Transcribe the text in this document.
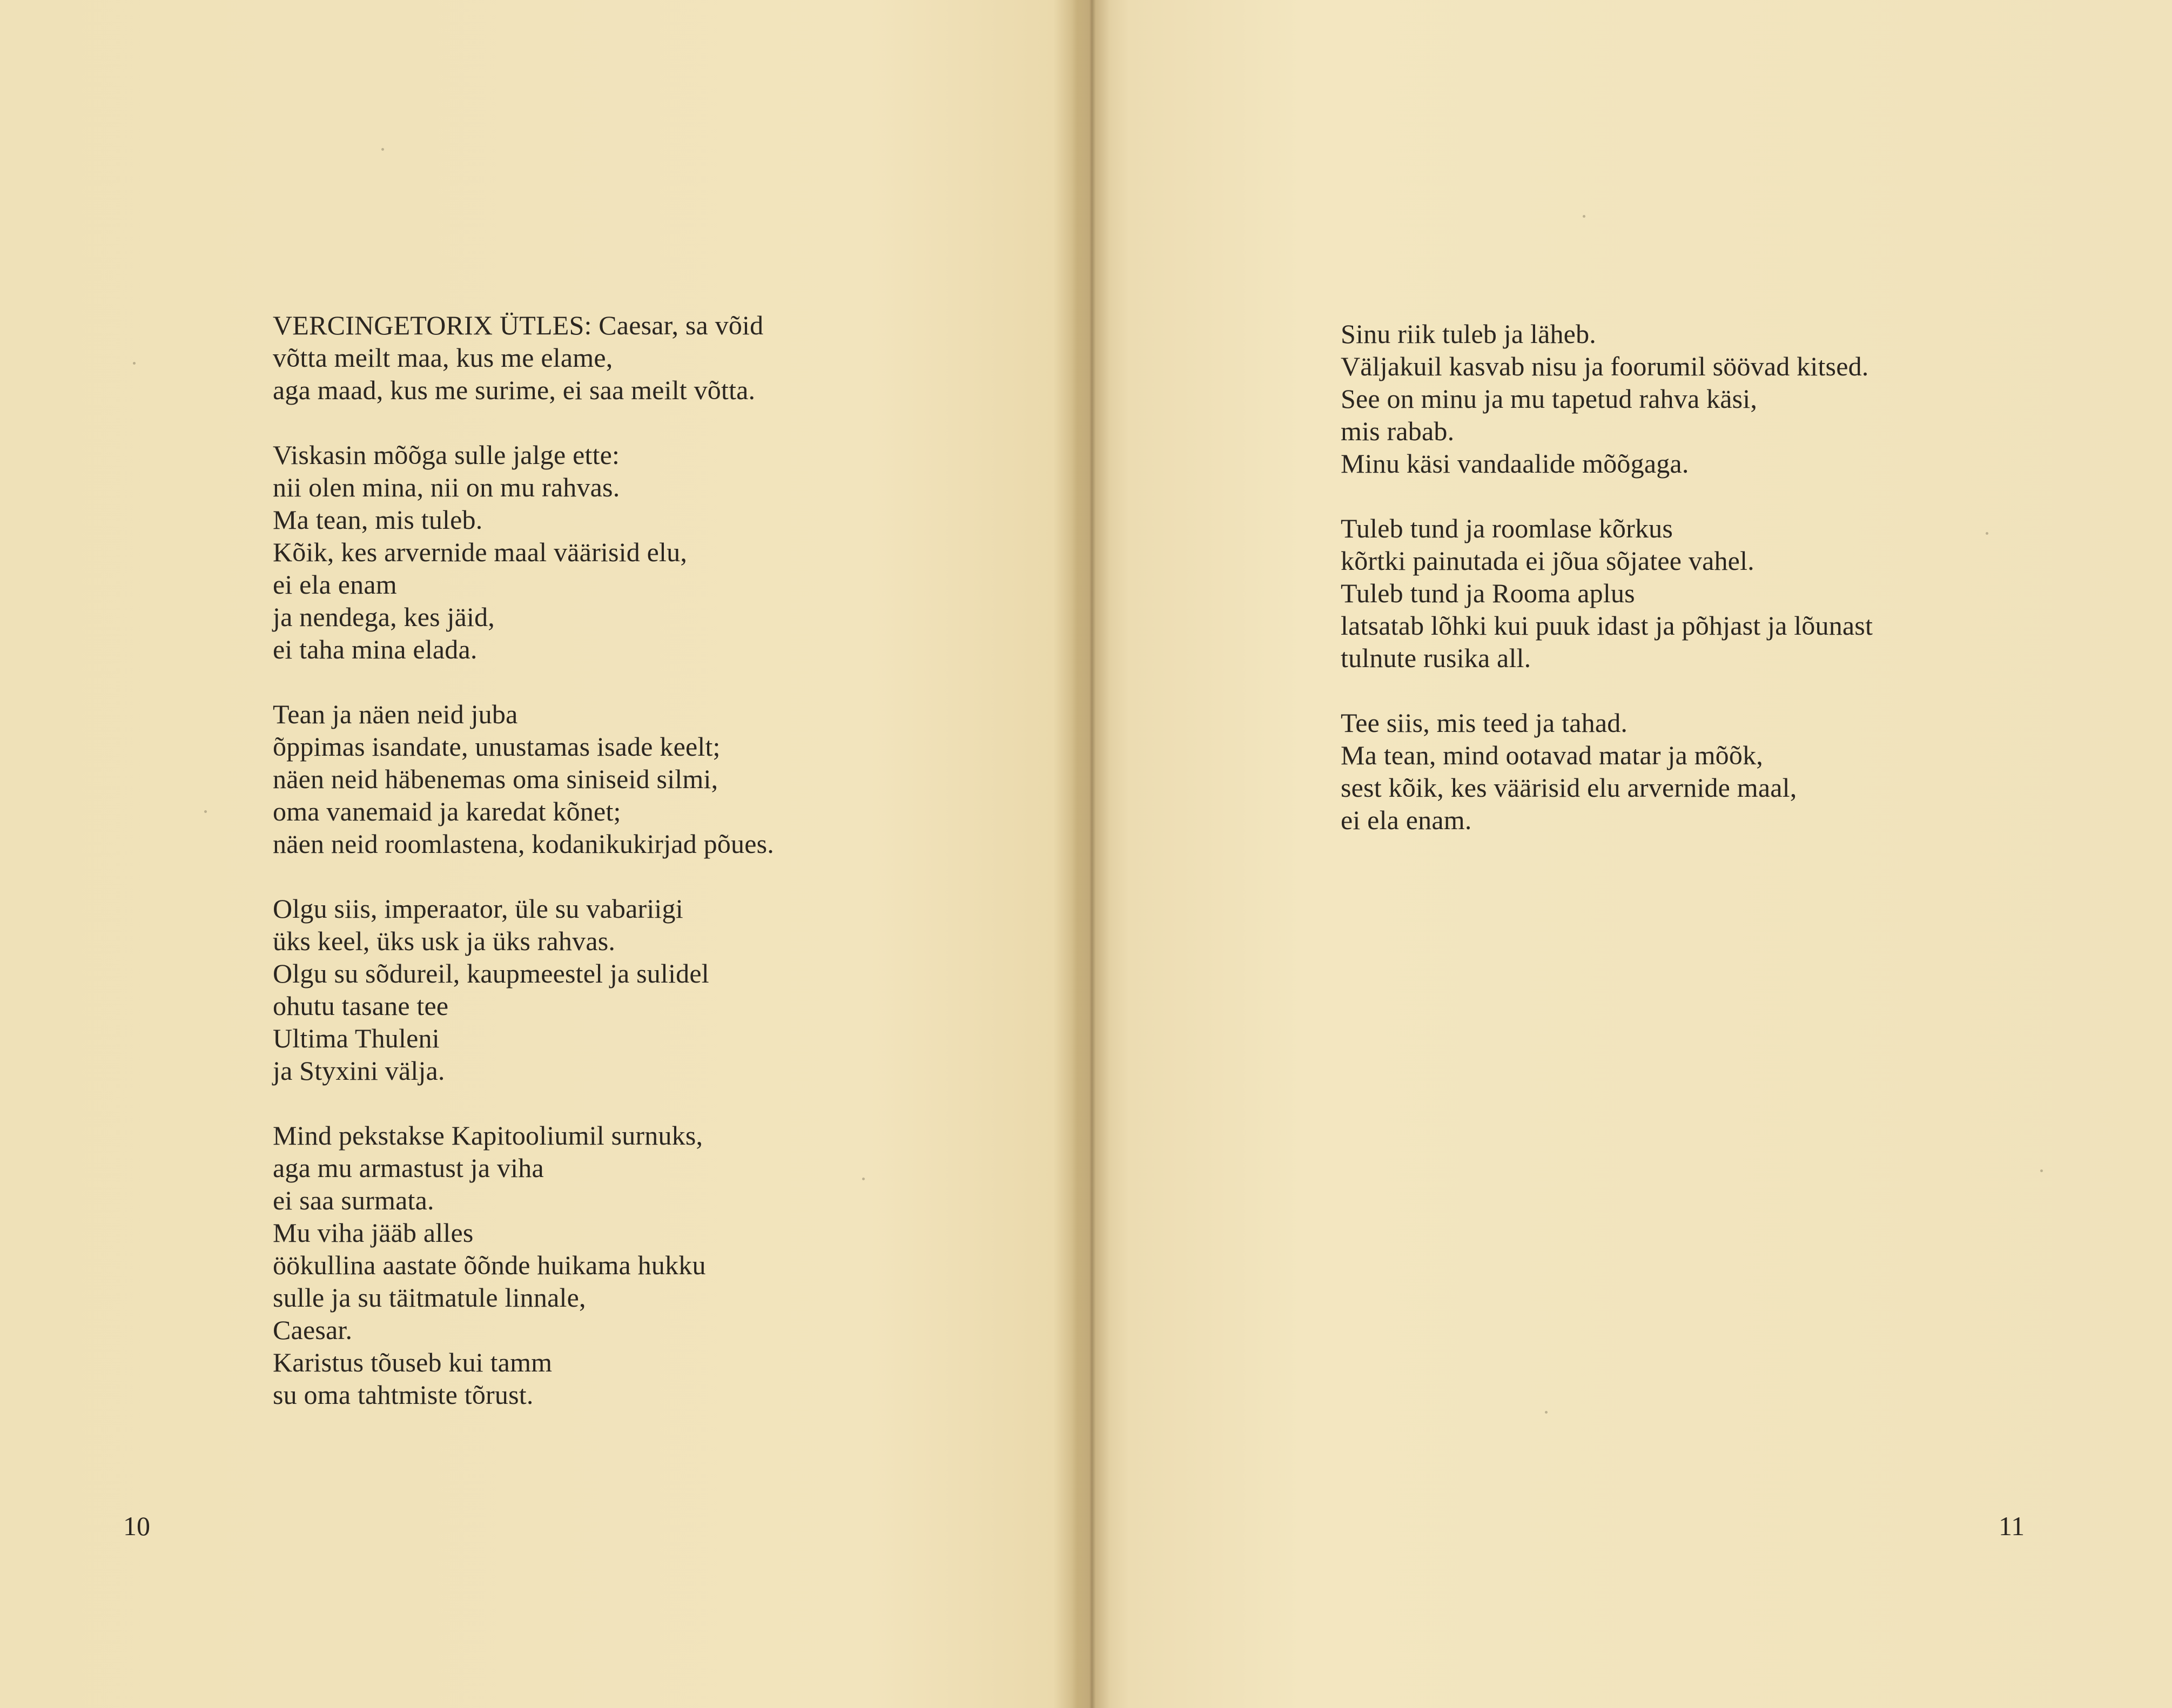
VERCINGETORIX ÜTLES: Caesar, sa võid
võtta meilt maa, kus me elame,
aga maad, kus me surime, ei saa meilt võtta.
Viskasin mõõga sulle jalge ette:
nii olen mina, nii on mu rahvas.
Ma tean, mis tuleb.
Kõik, kes arvernide maal väärisid elu,
ei ela enam
ja nendega, kes jäid,
ei taha mina elada.
Tean ja näen neid juba
õppimas isandate, unustamas isade keelt;
näen neid häbenemas oma siniseid silmi,
oma vanemaid ja karedat kõnet;
näen neid roomlastena, kodanikukirjad põues.
Olgu siis, imperaator, üle su vabariigi
üks keel, üks usk ja üks rahvas.
Olgu su sõdureil, kaupmeestel ja sulidel
ohutu tasane tee
Ultima Thuleni
ja Styxini välja.
Mind pekstakse Kapitooliumil surnuks,
aga mu armastust ja viha
ei saa surmata.
Mu viha jääb alles
öökullina aastate õõnde huikama hukku
sulle ja su täitmatule linnale,
Caesar.
Karistus tõuseb kui tamm
su oma tahtmiste tõrust.
10	11
Sinu riik tuleb ja läheb.
Väljakuil kasvab nisu ja foorumil söövad kitsed.
See on minu ja mu tapetud rahva käsi,
mis rabab.
Minu käsi vandaalide mõõgaga.
Tuleb tund ja roomlase kõrkus
kõrtki painutada ei jõua sõjatee vahel.
Tuleb tund ja Rooma aplus
latsatab lõhki kui puuk idast ja põhjast ja lõunast
tulnute rusika all.
Tee siis, mis teed ja tahad.
Ma tean, mind ootavad matar ja mõõk,
sest kõik, kes väärisid elu arvernide maal,
ei ela enam.
